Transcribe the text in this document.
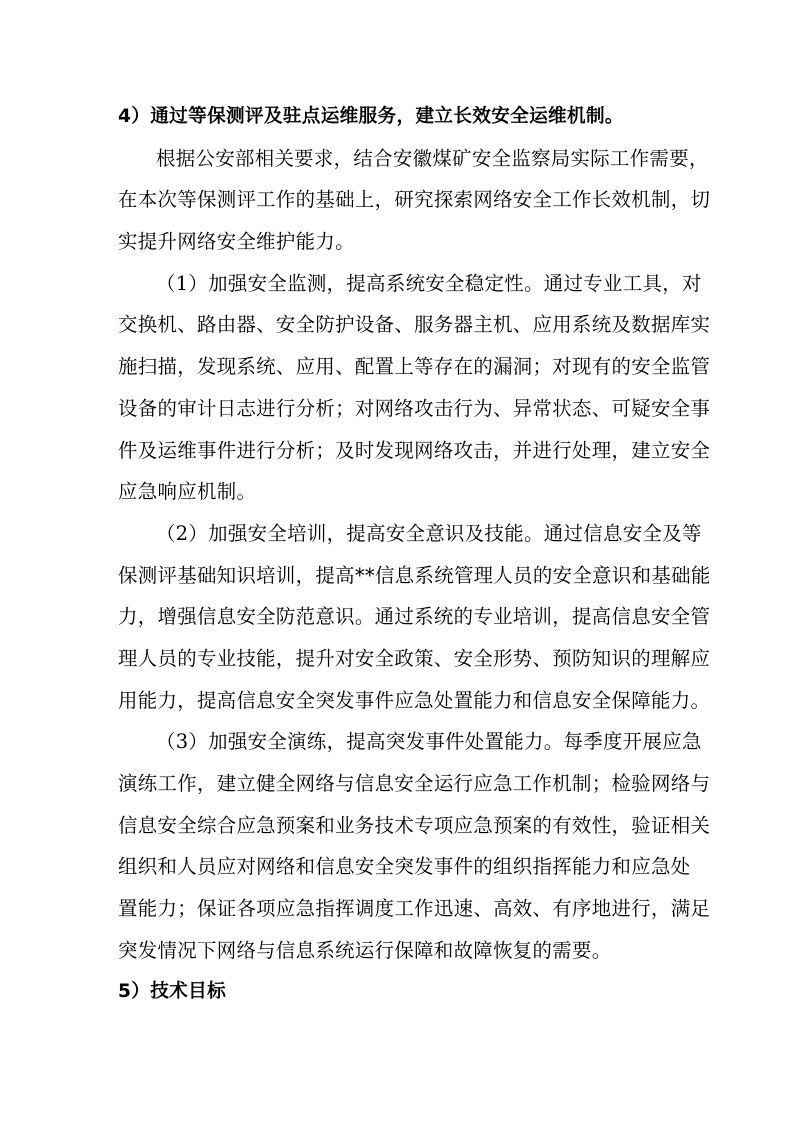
4）通过等保测评及驻点运维服务，建立长效安全运维机制。
根据公安部相关要求，结合安徽煤矿安全监察局实际工作需要，
在本次等保测评工作的基础上，研究探索网络安全工作长效机制，切
实提升网络安全维护能力。
（1）加强安全监测，提高系统安全稳定性。通过专业工具，对
交换机、路由器、安全防护设备、服务器主机、应用系统及数据库实
施扫描，发现系统、应用、配置上等存在的漏洞；对现有的安全监管
设备的审计日志进行分析；对网络攻击行为、异常状态、可疑安全事
件及运维事件进行分析；及时发现网络攻击，并进行处理，建立安全
应急响应机制。
（2）加强安全培训，提高安全意识及技能。通过信息安全及等
保测评基础知识培训，提高**信息系统管理人员的安全意识和基础能
力，增强信息安全防范意识。通过系统的专业培训，提高信息安全管
理人员的专业技能，提升对安全政策、安全形势、预防知识的理解应
用能力，提高信息安全突发事件应急处置能力和信息安全保障能力。
（3）加强安全演练，提高突发事件处置能力。每季度开展应急
演练工作，建立健全网络与信息安全运行应急工作机制；检验网络与
信息安全综合应急预案和业务技术专项应急预案的有效性，验证相关
组织和人员应对网络和信息安全突发事件的组织指挥能力和应急处
置能力；保证各项应急指挥调度工作迅速、高效、有序地进行，满足
突发情况下网络与信息系统运行保障和故障恢复的需要。
5）技术目标
